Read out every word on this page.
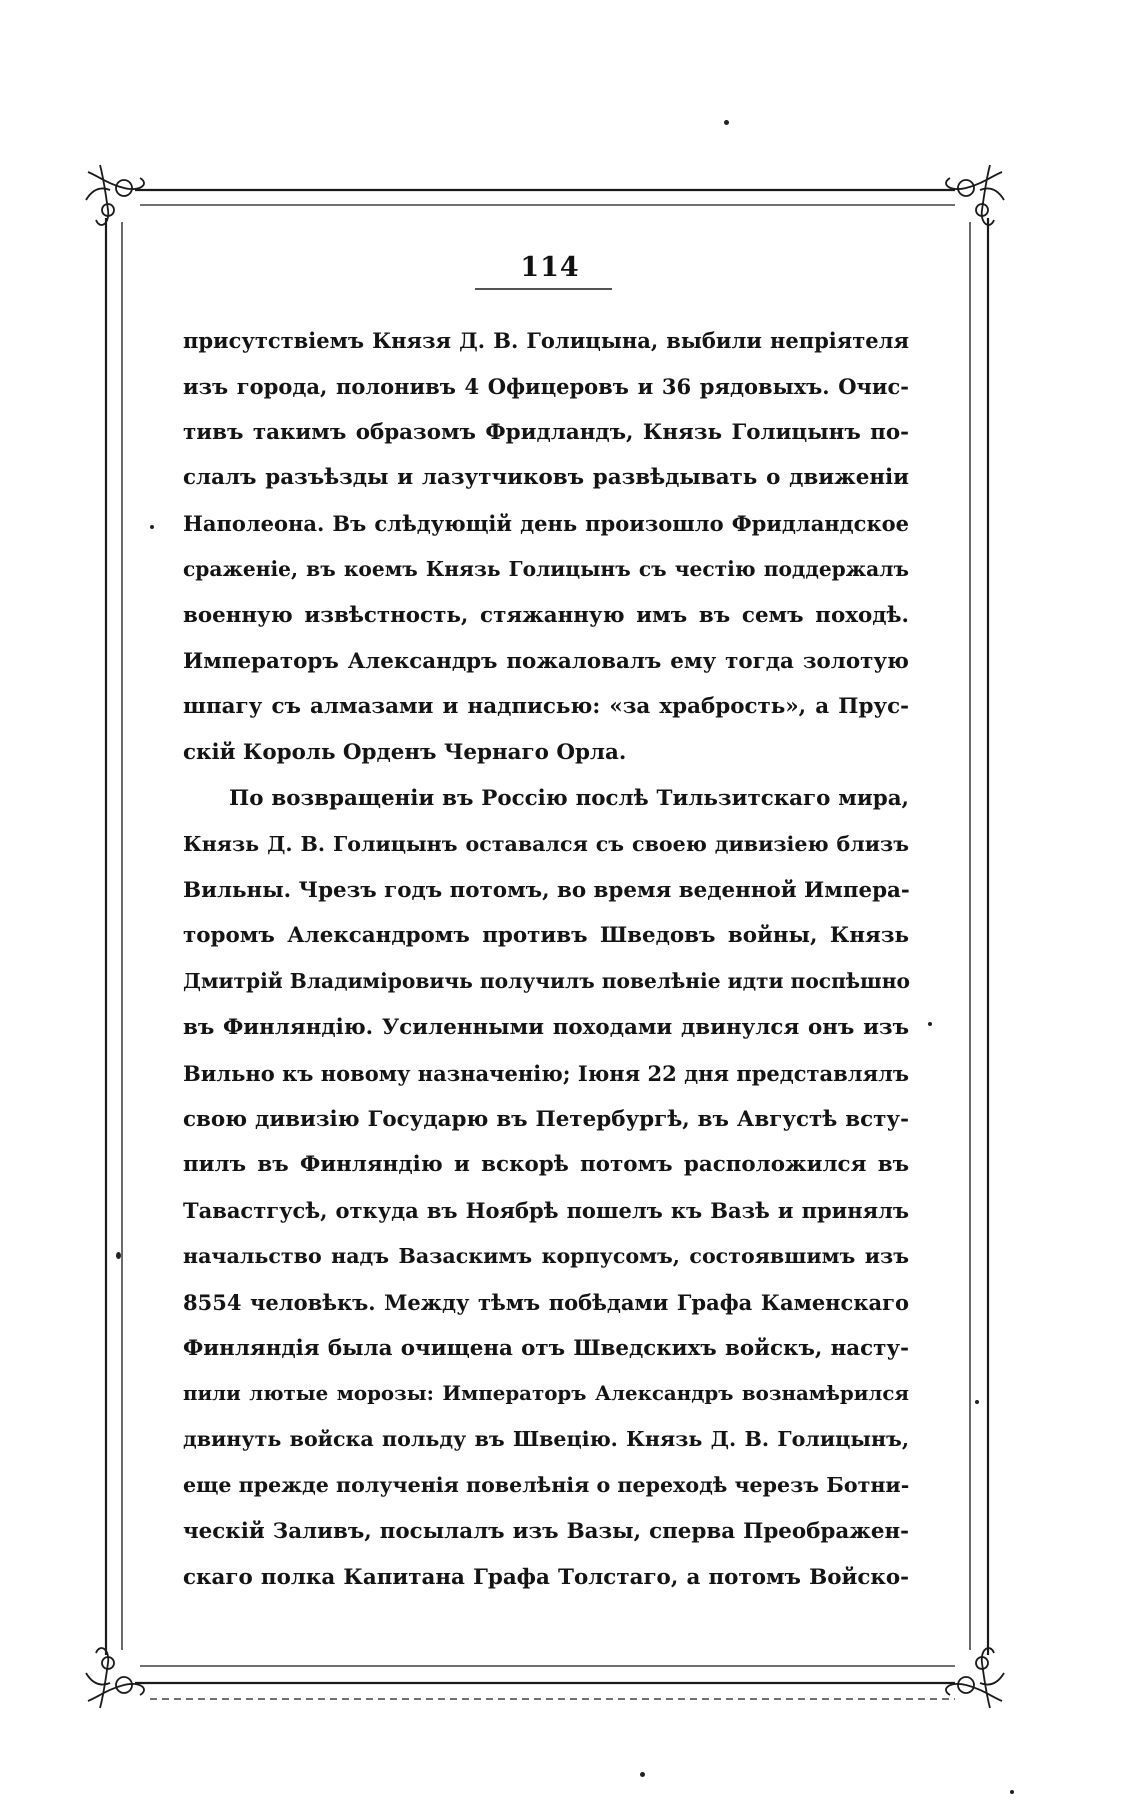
114
присутствіемъ Князя Д. В. Голицына, выбили непріятеля
изъ города, полонивъ 4 Офицеровъ и 36 рядовыхъ. Очис-
тивъ такимъ образомъ Фридландъ, Князь Голицынъ по-
слалъ разъѣзды и лазутчиковъ развѣдывать о движеніи
Наполеона. Въ слѣдующій день произошло Фридландское
сраженіе, въ коемъ Князь Голицынъ съ честію поддержалъ
военную извѣстность, стяжанную имъ въ семъ походѣ.
Императоръ Александръ пожаловалъ ему тогда золотую
шпагу съ алмазами и надписью: «за храбрость», а Прус-
скій Король Орденъ Чернаго Орла.
По возвращеніи въ Россію послѣ Тильзитскаго мира,
Князь Д. В. Голицынъ оставался съ своею дивизіею близъ
Вильны. Чрезъ годъ потомъ, во время веденной Импера-
торомъ Александромъ противъ Шведовъ войны, Князь
Дмитрій Владиміровичь получилъ повелѣніе идти поспѣшно
въ Финляндію. Усиленными походами двинулся онъ изъ
Вильно къ новому назначенію; Іюня 22 дня представлялъ
свою дивизію Государю въ Петербургѣ, въ Августѣ всту-
пилъ въ Финляндію и вскорѣ потомъ расположился въ
Тавастгусѣ, откуда въ Ноябрѣ пошелъ къ Вазѣ и принялъ
начальство надъ Вазаскимъ корпусомъ, состоявшимъ изъ
8554 человѣкъ. Между тѣмъ побѣдами Графа Каменскаго
Финляндія была очищена отъ Шведскихъ войскъ, насту-
пили лютые морозы: Императоръ Александръ вознамѣрился
двинуть войска польду въ Швецію. Князь Д. В. Голицынъ,
еще прежде полученія повелѣнія о переходѣ черезъ Ботни-
ческій Заливъ, посылалъ изъ Вазы, сперва Преображен-
скаго полка Капитана Графа Толстаго, а потомъ Войско-
